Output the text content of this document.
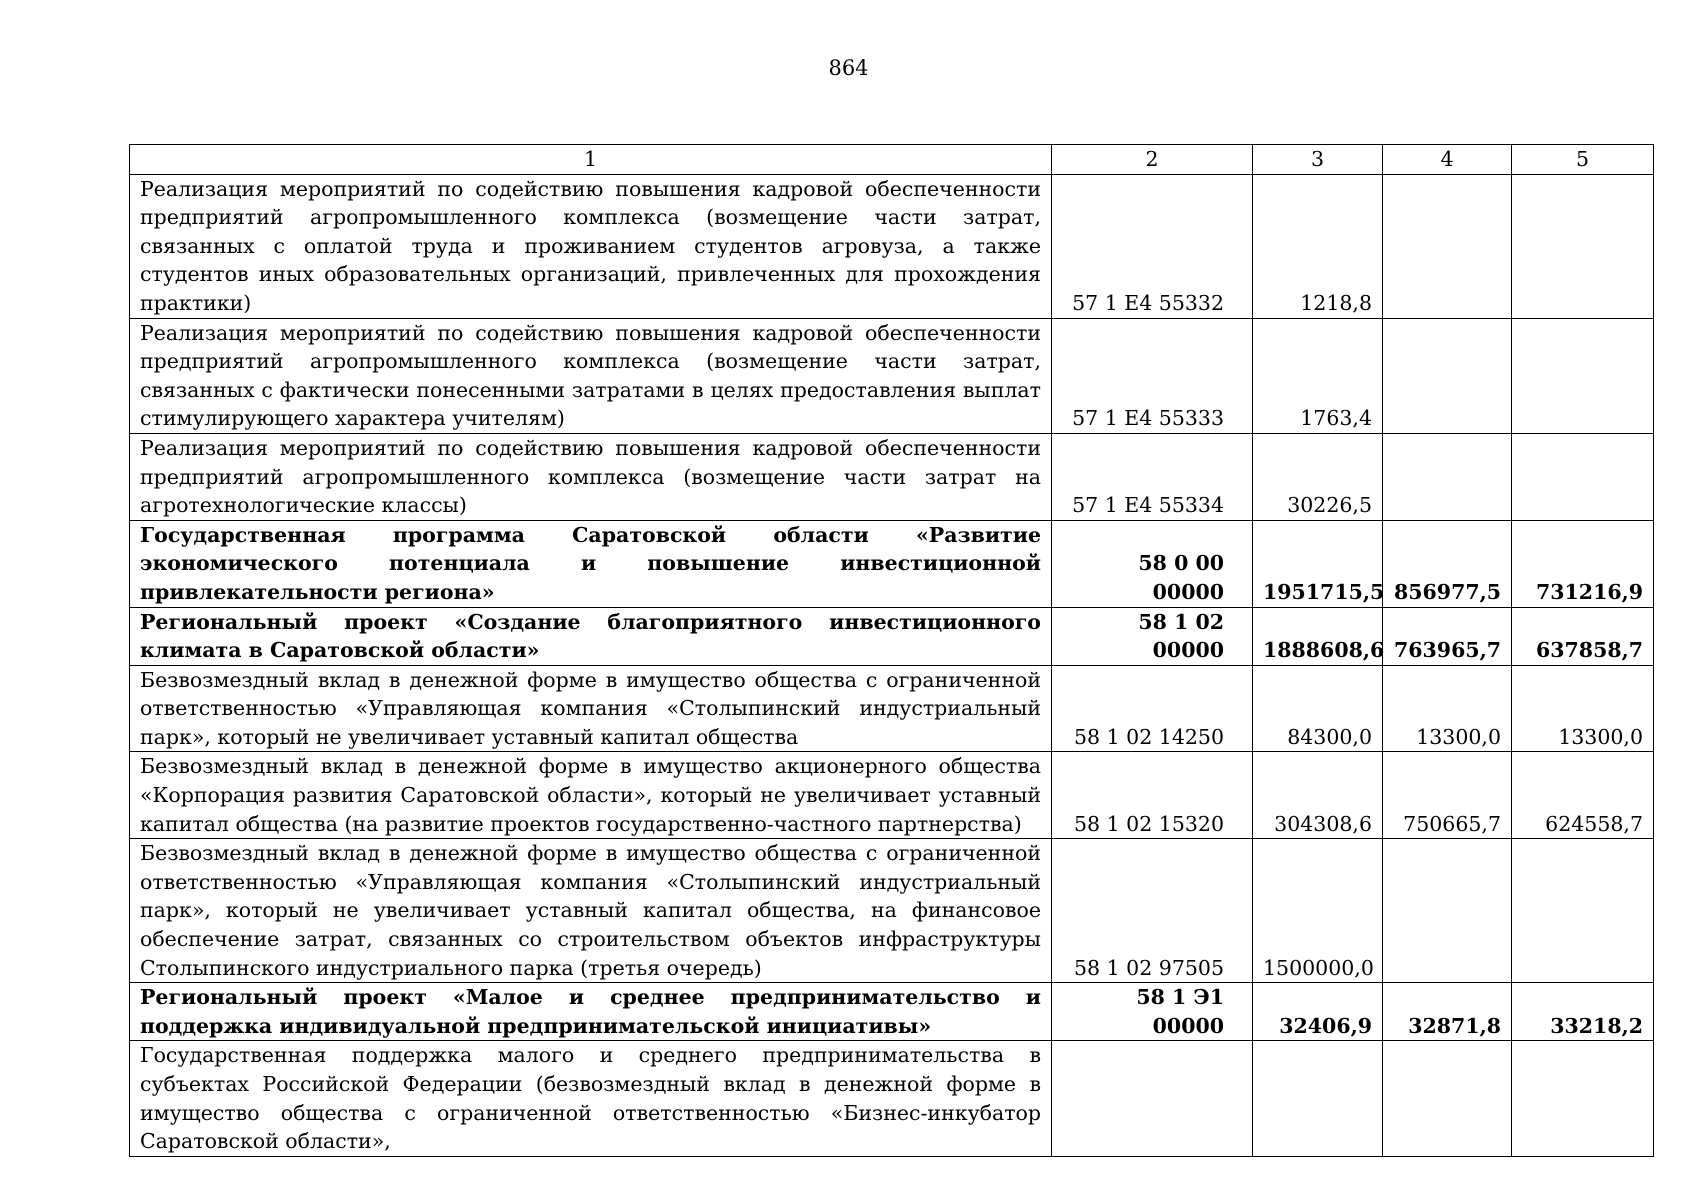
864
1	2	3	4	5
Реализация мероприятий по содействию повышения кадровой обеспеченности предприятий агропромышленного комплекса (возмещение части затрат, связанных с оплатой труда и проживанием студентов агровуза, а также студентов иных образовательных организаций, привлеченных для прохождения практики)	57 1 Е4 55332	1218,8		
Реализация мероприятий по содействию повышения кадровой обеспеченности предприятий агропромышленного комплекса (возмещение части затрат, связанных с фактически понесенными затратами в целях предоставления выплат стимулирующего характера учителям)	57 1 Е4 55333	1763,4		
Реализация мероприятий по содействию повышения кадровой обеспеченности предприятий агропромышленного комплекса (возмещение части затрат на агротехнологические классы)	57 1 Е4 55334	30226,5		
Государственная программа Саратовской области «Развитие экономического потенциала и повышение инвестиционной привлекательности региона»	58 0 00 00000	1951715,5	856977,5	731216,9
Региональный проект «Создание благоприятного инвестиционного климата в Саратовской области»	58 1 02 00000	1888608,6	763965,7	637858,7
Безвозмездный вклад в денежной форме в имущество общества с ограниченной ответственностью «Управляющая компания «Столыпинский индустриальный парк», который не увеличивает уставный капитал общества	58 1 02 14250	84300,0	13300,0	13300,0
Безвозмездный вклад в денежной форме в имущество акционерного общества «Корпорация развития Саратовской области», который не увеличивает уставный капитал общества (на развитие проектов государственно-частного партнерства)	58 1 02 15320	304308,6	750665,7	624558,7
Безвозмездный вклад в денежной форме в имущество общества с ограниченной ответственностью «Управляющая компания «Столыпинский индустриальный парк», который не увеличивает уставный капитал общества, на финансовое обеспечение затрат, связанных со строительством объектов инфраструктуры Столыпинского индустриального парка (третья очередь)	58 1 02 97505	1500000,0		
Региональный проект «Малое и среднее предпринимательство и поддержка индивидуальной предпринимательской инициативы»	58 1 Э1 00000	32406,9	32871,8	33218,2
Государственная поддержка малого и среднего предпринимательства в субъектах Российской Федерации (безвозмездный вклад в денежной форме в имущество общества с ограниченной ответственностью «Бизнес-инкубатор Саратовской области»,				
